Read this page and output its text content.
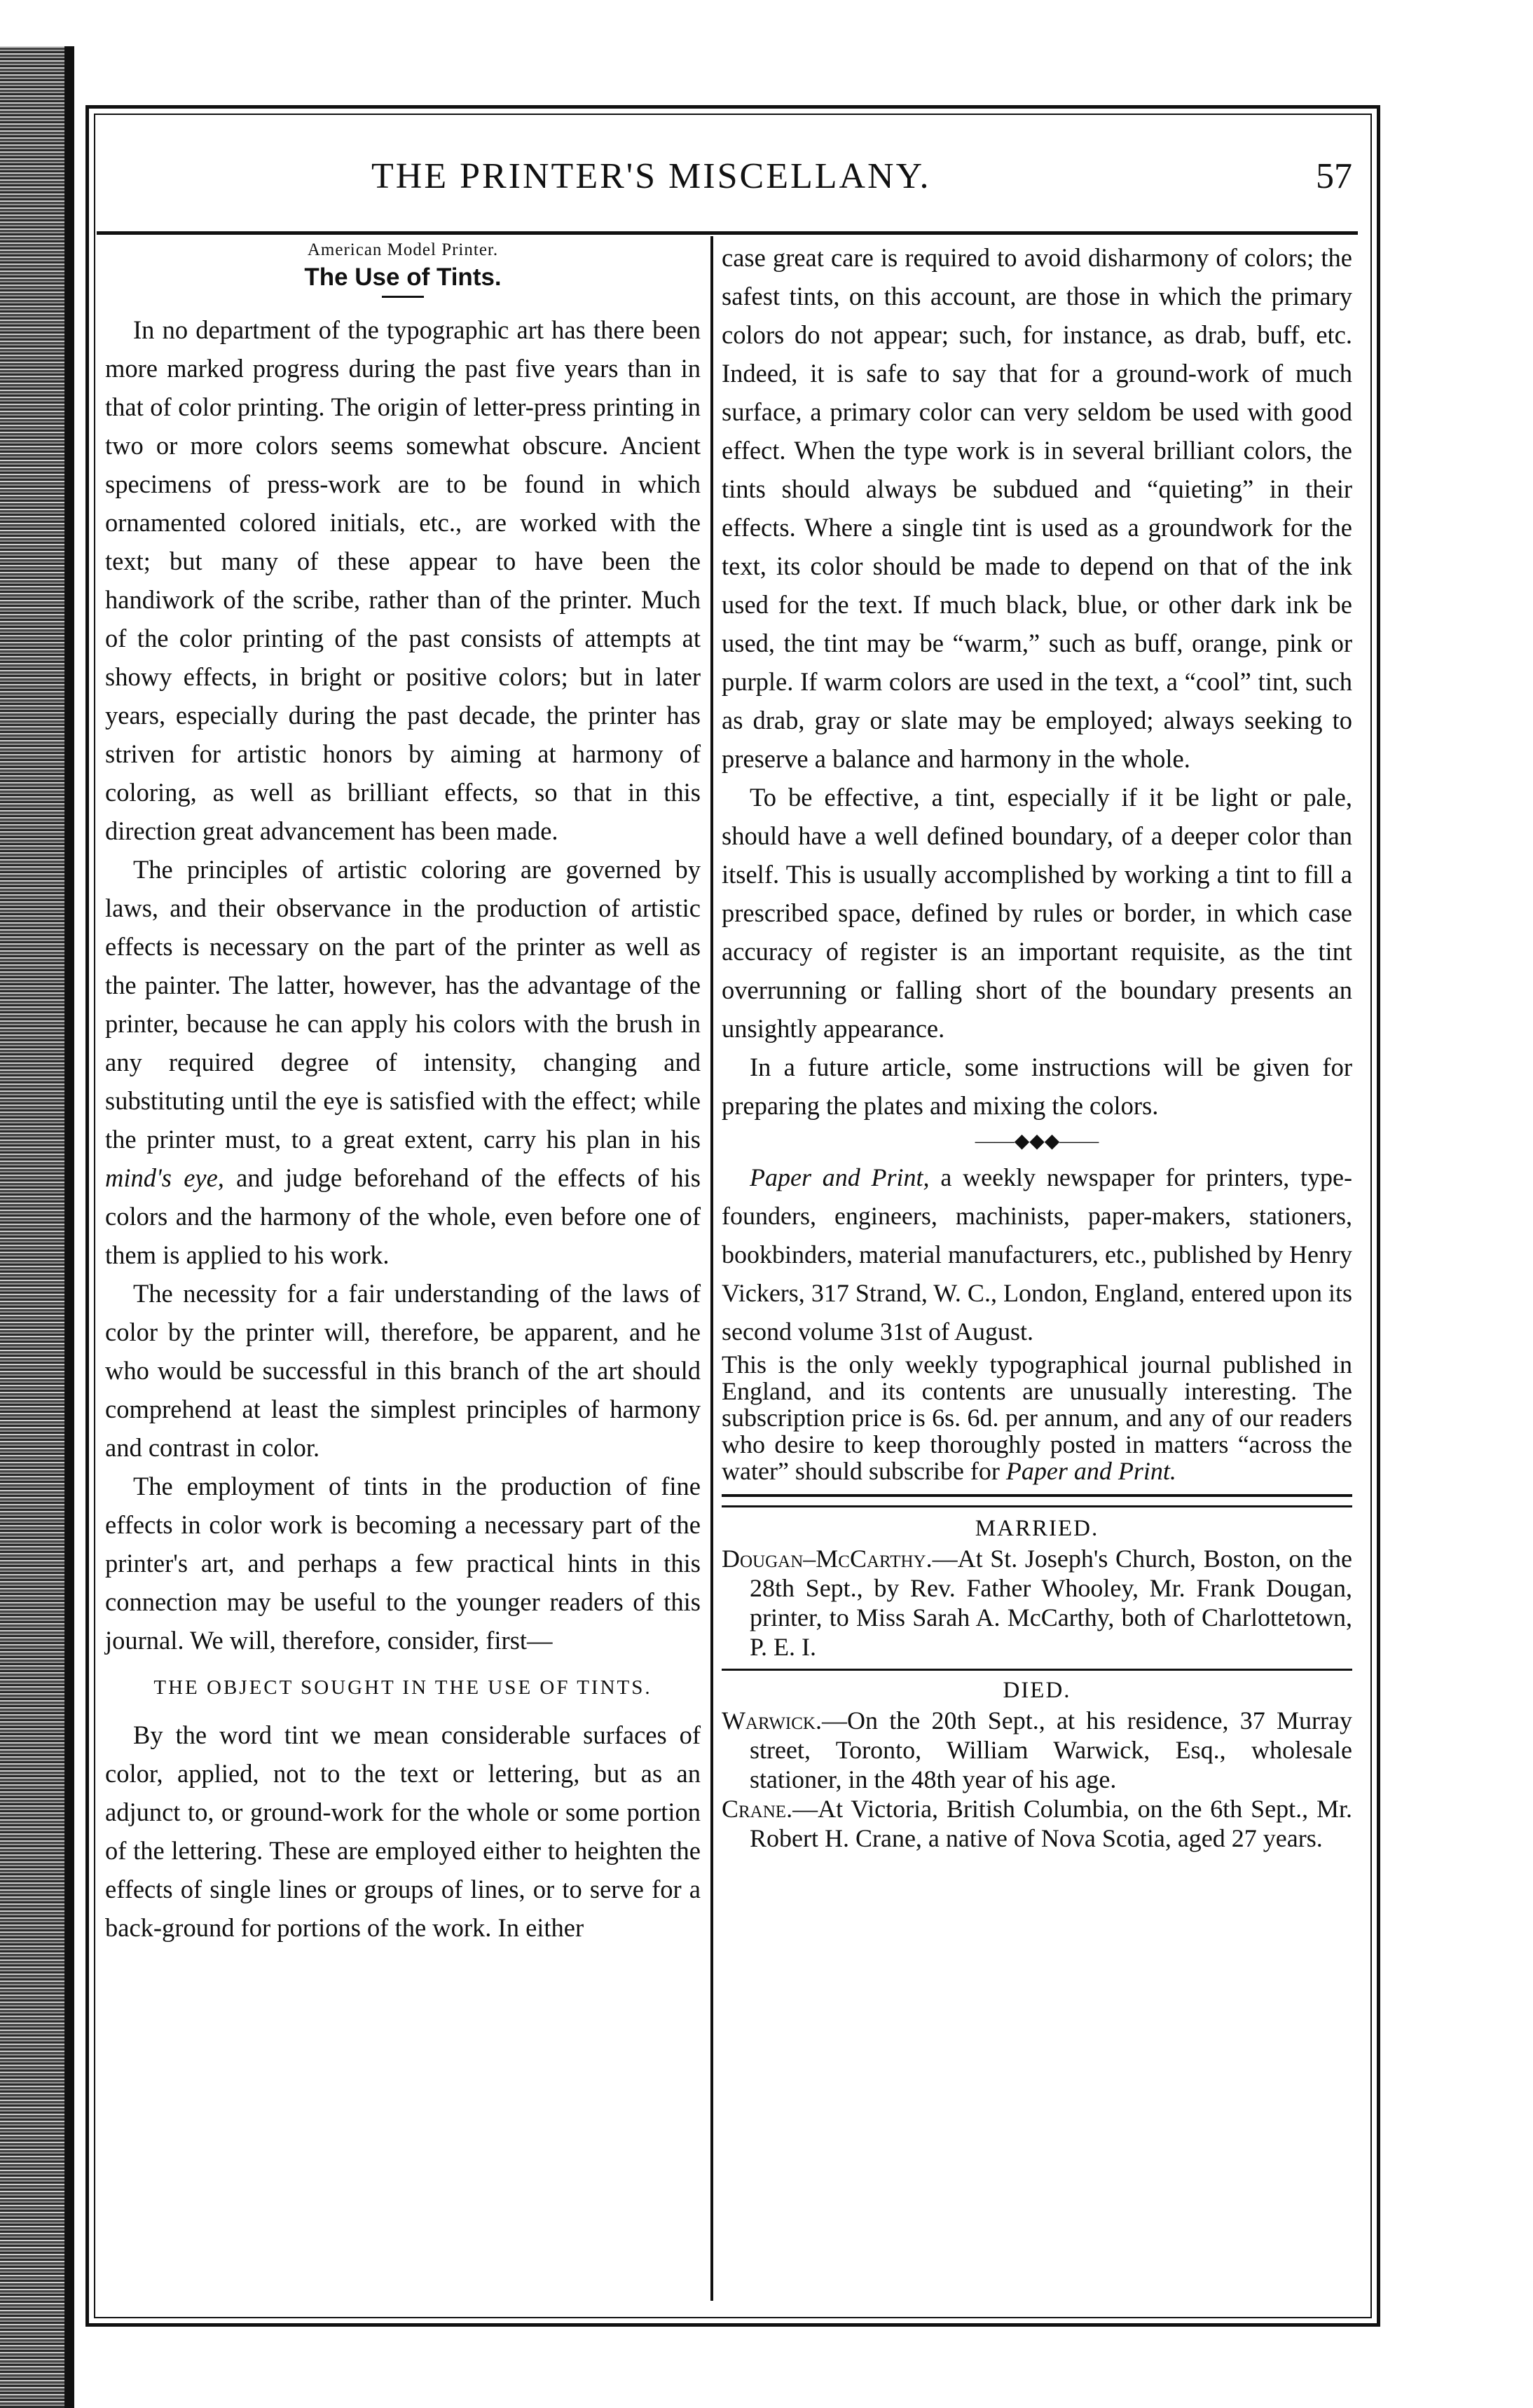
THE PRINTER'S MISCELLANY.	57
American Model Printer.
The Use of Tints.

In no department of the typographic art has there been more marked progress during the past five years than in that of color printing. The origin of letter-press printing in two or more colors seems somewhat obscure. Ancient specimens of press-work are to be found in which ornamented colored initials, etc., are worked with the text; but many of these appear to have been the handiwork of the scribe, rather than of the printer. Much of the color printing of the past consists of attempts at showy effects, in bright or positive colors; but in later years, especially during the past decade, the printer has striven for artistic honors by aiming at harmony of coloring, as well as brilliant effects, so that in this direction great advancement has been made.

The principles of artistic coloring are governed by laws, and their observance in the production of artistic effects is necessary on the part of the printer as well as the painter. The latter, however, has the advantage of the printer, because he can apply his colors with the brush in any required degree of intensity, changing and substituting until the eye is satisfied with the effect; while the printer must, to a great extent, carry his plan in his mind's eye, and judge beforehand of the effects of his colors and the harmony of the whole, even before one of them is applied to his work.

The necessity for a fair understanding of the laws of color by the printer will, therefore, be apparent, and he who would be successful in this branch of the art should comprehend at least the simplest principles of harmony and contrast in color.

The employment of tints in the production of fine effects in color work is becoming a necessary part of the printer's art, and perhaps a few practical hints in this connection may be useful to the younger readers of this journal. We will, therefore, consider, first—

THE OBJECT SOUGHT IN THE USE OF TINTS.

By the word tint we mean considerable surfaces of color, applied, not to the text or lettering, but as an adjunct to, or ground-work for the whole or some portion of the lettering. These are employed either to heighten the effects of single lines or groups of lines, or to serve for a back-ground for portions of the work. In either

case great care is required to avoid disharmony of colors; the safest tints, on this account, are those in which the primary colors do not appear; such, for instance, as drab, buff, etc. Indeed, it is safe to say that for a ground-work of much surface, a primary color can very seldom be used with good effect. When the type work is in several brilliant colors, the tints should always be subdued and “quieting” in their effects. Where a single tint is used as a groundwork for the text, its color should be made to depend on that of the ink used for the text. If much black, blue, or other dark ink be used, the tint may be “warm,” such as buff, orange, pink or purple. If warm colors are used in the text, a “cool” tint, such as drab, gray or slate may be employed; always seeking to preserve a balance and harmony in the whole.

To be effective, a tint, especially if it be light or pale, should have a well defined boundary, of a deeper color than itself. This is usually accomplished by working a tint to fill a prescribed space, defined by rules or border, in which case accuracy of register is an important requisite, as the tint overrunning or falling short of the boundary presents an unsightly appearance.

In a future article, some instructions will be given for preparing the plates and mixing the colors.

——◆◆◆——

Paper and Print, a weekly newspaper for printers, type-founders, engineers, machinists, paper-makers, stationers, bookbinders, material manufacturers, etc., published by Henry Vickers, 317 Strand, W. C., London, England, entered upon its second volume 31st of August.

This is the only weekly typographical journal published in England, and its contents are unusually interesting. The subscription price is 6s. 6d. per annum, and any of our readers who desire to keep thoroughly posted in matters “across the water” should subscribe for Paper and Print.

MARRIED.

Dougan–McCarthy.—At St. Joseph's Church, Boston, on the 28th Sept., by Rev. Father Whooley, Mr. Frank Dougan, printer, to Miss Sarah A. McCarthy, both of Charlottetown, P. E. I.

DIED.

Warwick.—On the 20th Sept., at his residence, 37 Murray street, Toronto, William Warwick, Esq., wholesale stationer, in the 48th year of his age.

Crane.—At Victoria, British Columbia, on the 6th Sept., Mr. Robert H. Crane, a native of Nova Scotia, aged 27 years.
